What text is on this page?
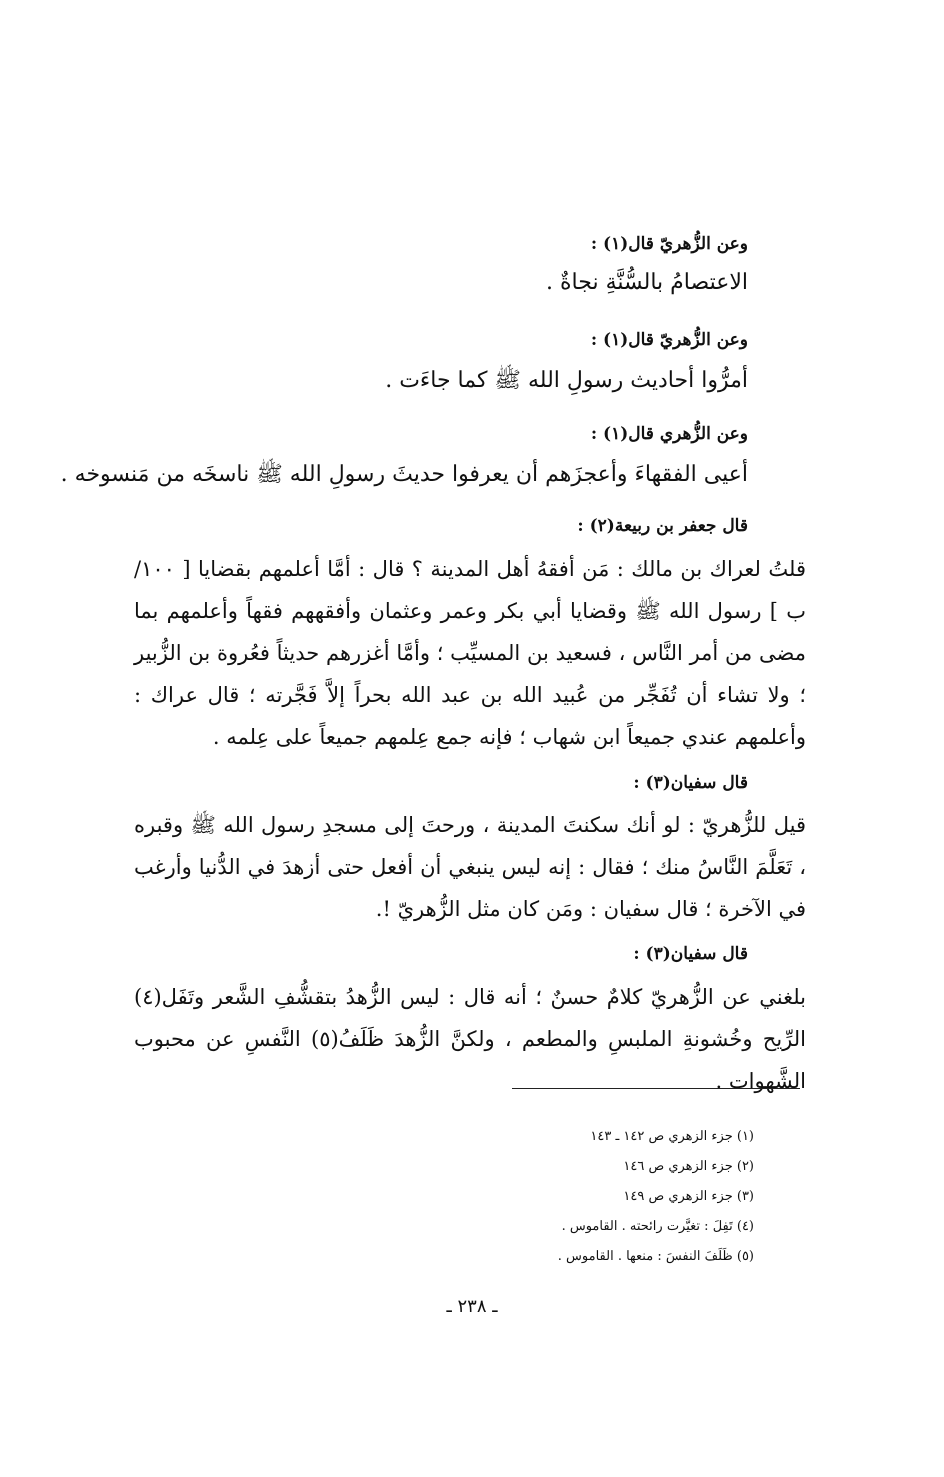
وعن الزُّهريّ قال(١) :
الاعتصامُ بالسُّنَّةِ نجاةٌ .
وعن الزُّهريّ قال(١) :
أمرُّوا أحاديث رسولِ الله ﷺ كما جاءَت .
وعن الزُّهري قال(١) :
أعيى الفقهاءَ وأعجزَهم أن يعرفوا حديثَ رسولِ الله ﷺ ناسخَه من مَنسوخه .
قال جعفر بن ربيعة(٢) :
قلتُ لعراك بن مالك : مَن أفقهُ أهل المدينة ؟ قال : أمَّا أعلمهم بقضايا [ ١٠٠/ب ] رسول الله ﷺ وقضايا أبي بكر وعمر وعثمان وأفقههم فقهاً وأعلمهم بما مضى من أمر النَّاس ، فسعيد بن المسيِّب ؛ وأمَّا أغزرهم حديثاً فعُروة بن الزُّبير ؛ ولا تشاء أن تُفَجِّر من عُبيد الله بن عبد الله بحراً إلاَّ فَجَّرته ؛ قال عراك : وأعلمهم عندي جميعاً ابن شهاب ؛ فإنه جمع عِلمهم جميعاً على عِلمه .
قال سفيان(٣) :
قيل للزُّهريّ : لو أنك سكنتَ المدينة ، ورحتَ إلى مسجدِ رسول الله ﷺ وقبره ، تَعَلَّمَ النَّاسُ منك ؛ فقال : إنه ليس ينبغي أن أفعل حتى أزهدَ في الدُّنيا وأرغب في الآخرة ؛ قال سفيان : ومَن كان مثل الزُّهريّ !.
قال سفيان(٣) :
بلغني عن الزُّهريّ كلامٌ حسنٌ ؛ أنه قال : ليس الزُّهدُ بتقشُّفِ الشَّعر وتَفَل(٤) الرِّيح وخُشونةِ الملبسِ والمطعم ، ولكنَّ الزُّهدَ ظَلَفُ(٥) النَّفسِ عن محبوب الشَّهوات .
(١) جزء الزهري ص ١٤٢ ـ ١٤٣
(٢) جزء الزهري ص ١٤٦
(٣) جزء الزهري ص ١٤٩
(٤) تَفِلَ : تغيَّرت رائحته . القاموس .
(٥) ظَلَفَ النفسَ : منعها . القاموس .
ـ ٢٣٨ ـ
